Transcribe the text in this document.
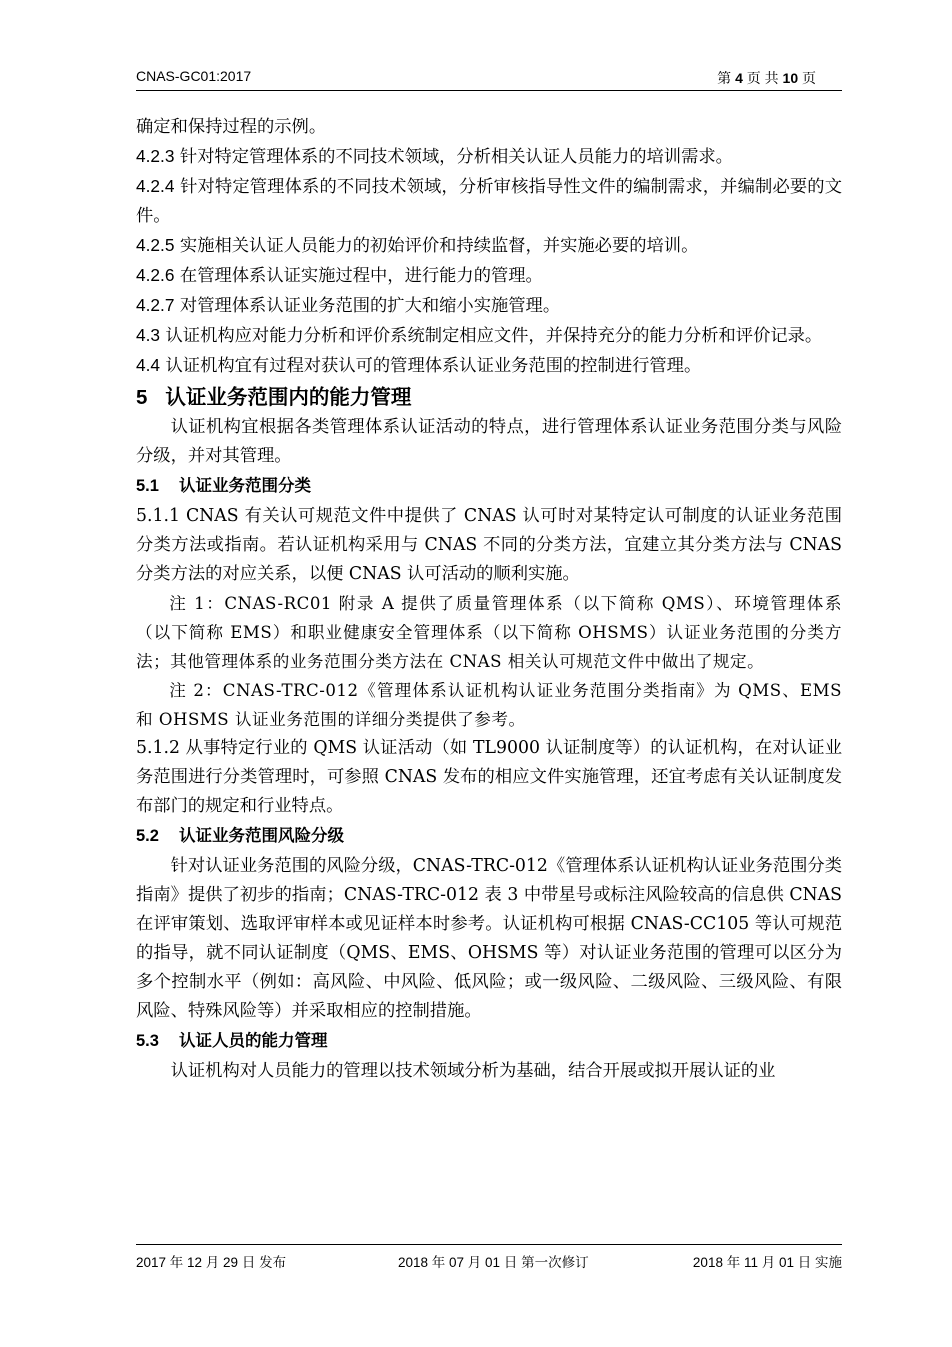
CNAS-GC01:2017	第 4 页 共 10 页

确定和保持过程的示例。

4.2.3 针对特定管理体系的不同技术领域，分析相关认证人员能力的培训需求。

4.2.4 针对特定管理体系的不同技术领域，分析审核指导性文件的编制需求，并编制必要的文件。

4.2.5 实施相关认证人员能力的初始评价和持续监督，并实施必要的培训。

4.2.6 在管理体系认证实施过程中，进行能力的管理。

4.2.7 对管理体系认证业务范围的扩大和缩小实施管理。

4.3 认证机构应对能力分析和评价系统制定相应文件，并保持充分的能力分析和评价记录。

4.4 认证机构宜有过程对获认可的管理体系认证业务范围的控制进行管理。

5 认证业务范围内的能力管理

认证机构宜根据各类管理体系认证活动的特点，进行管理体系认证业务范围分类与风险分级，并对其管理。

5.1 认证业务范围分类

5.1.1 CNAS 有关认可规范文件中提供了 CNAS 认可时对某特定认可制度的认证业务范围分类方法或指南。若认证机构采用与 CNAS 不同的分类方法，宜建立其分类方法与 CNAS 分类方法的对应关系，以便 CNAS 认可活动的顺利实施。

注 1：CNAS-RC01 附录 A 提供了质量管理体系（以下简称 QMS）、环境管理体系（以下简称 EMS）和职业健康安全管理体系（以下简称 OHSMS）认证业务范围的分类方法；其他管理体系的业务范围分类方法在 CNAS 相关认可规范文件中做出了规定。

注 2：CNAS-TRC-012《管理体系认证机构认证业务范围分类指南》为 QMS、EMS 和 OHSMS 认证业务范围的详细分类提供了参考。

5.1.2 从事特定行业的 QMS 认证活动（如 TL9000 认证制度等）的认证机构，在对认证业务范围进行分类管理时，可参照 CNAS 发布的相应文件实施管理，还宜考虑有关认证制度发布部门的规定和行业特点。

5.2 认证业务范围风险分级

针对认证业务范围的风险分级，CNAS-TRC-012《管理体系认证机构认证业务范围分类指南》提供了初步的指南；CNAS-TRC-012 表 3 中带星号或标注风险较高的信息供 CNAS 在评审策划、选取评审样本或见证样本时参考。认证机构可根据 CNAS-CC105 等认可规范的指导，就不同认证制度（QMS、EMS、OHSMS 等）对认证业务范围的管理可以区分为多个控制水平（例如：高风险、中风险、低风险；或一级风险、二级风险、三级风险、有限风险、特殊风险等）并采取相应的控制措施。

5.3 认证人员的能力管理

认证机构对人员能力的管理以技术领域分析为基础，结合开展或拟开展认证的业

2017 年 12 月 29 日 发布	2018 年 07 月 01 日 第一次修订	2018 年 11 月 01 日 实施
